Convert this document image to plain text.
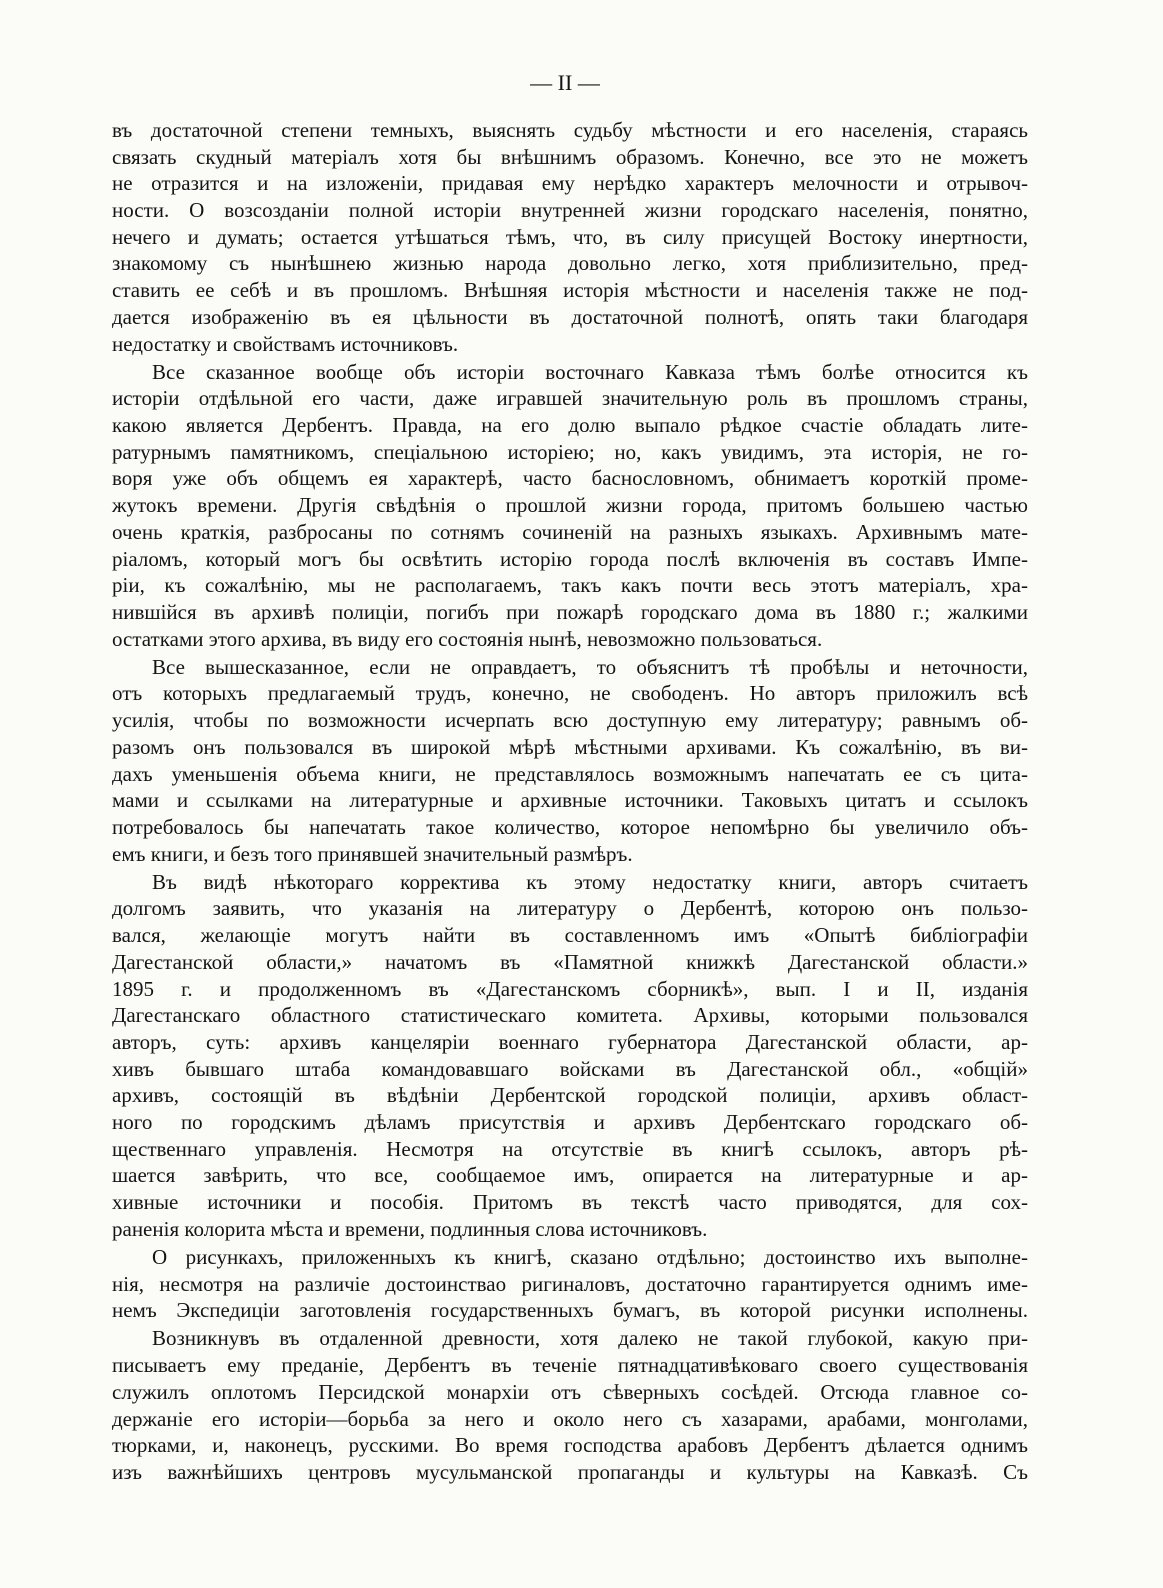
— II —
въ достаточной степени темныхъ, выяснять судьбу мѣстности и его населенія, стараясь
связать скудный матеріалъ хотя бы внѣшнимъ образомъ. Конечно, все это не можетъ
не отразится и на изложеніи, придавая ему нерѣдко характеръ мелочности и отрывоч-
ности. О возсозданіи полной исторіи внутренней жизни городскаго населенія, понятно,
нечего и думать; остается утѣшаться тѣмъ, что, въ силу присущей Востоку инертности,
знакомому съ нынѣшнею жизнью народа довольно легко, хотя приблизительно, пред-
ставить ее себѣ и въ прошломъ. Внѣшняя исторія мѣстности и населенія также не под-
дается изображенію въ ея цѣльности въ достаточной полнотѣ, опять таки благодаря
недостатку и свойствамъ источниковъ.
Все сказанное вообще объ исторіи восточнаго Кавказа тѣмъ болѣе относится къ
исторіи отдѣльной его части, даже игравшей значительную роль въ прошломъ страны,
какою является Дербентъ. Правда, на его долю выпало рѣдкое счастіе обладать лите-
ратурнымъ памятникомъ, спеціальною исторіею; но, какъ увидимъ, эта исторія, не го-
воря уже объ общемъ ея характерѣ, часто баснословномъ, обнимаетъ короткій проме-
жутокъ времени. Другія свѣдѣнія о прошлой жизни города, притомъ большею частью
очень краткія, разбросаны по сотнямъ сочиненій на разныхъ языкахъ. Архивнымъ мате-
ріаломъ, который могъ бы освѣтить исторію города послѣ включенія въ составъ Импе-
ріи, къ сожалѣнію, мы не располагаемъ, такъ какъ почти весь этотъ матеріалъ, хра-
нившійся въ архивѣ полиціи, погибъ при пожарѣ городскаго дома въ 1880 г.; жалкими
остатками этого архива, въ виду его состоянія нынѣ, невозможно пользоваться.
Все вышесказанное, если не оправдаетъ, то объяснитъ тѣ пробѣлы и неточности,
отъ которыхъ предлагаемый трудъ, конечно, не свободенъ. Но авторъ приложилъ всѣ
усилія, чтобы по возможности исчерпать всю доступную ему литературу; равнымъ об-
разомъ онъ пользовался въ широкой мѣрѣ мѣстными архивами. Къ сожалѣнію, въ ви-
дахъ уменьшенія объема книги, не представлялось возможнымъ напечатать ее съ цита-
мами и ссылками на литературные и архивные источники. Таковыхъ цитатъ и ссылокъ
потребовалось бы напечатать такое количество, которое непомѣрно бы увеличило объ-
емъ книги, и безъ того принявшей значительный размѣръ.
Въ видѣ нѣкотораго корректива къ этому недостатку книги, авторъ считаетъ
долгомъ заявить, что указанія на литературу о Дербентѣ, которою онъ пользо-
вался, желающіе могутъ найти въ составленномъ имъ «Опытѣ библіографіи
Дагестанской области,» начатомъ въ «Памятной книжкѣ Дагестанской области.»
1895 г. и продолженномъ въ «Дагестанскомъ сборникѣ», вып. I и II, изданія
Дагестанскаго областного статистическаго комитета. Архивы, которыми пользовался
авторъ, суть: архивъ канцеляріи военнаго губернатора Дагестанской области, ар-
хивъ бывшаго штаба командовавшаго войсками въ Дагестанской обл., «общій»
архивъ, состоящій въ вѣдѣніи Дербентской городской полиціи, архивъ област-
ного по городскимъ дѣламъ присутствія и архивъ Дербентскаго городскаго об-
щественнаго управленія. Несмотря на отсутствіе въ книгѣ ссылокъ, авторъ рѣ-
шается завѣрить, что все, сообщаемое имъ, опирается на литературные и ар-
хивные источники и пособія. Притомъ въ текстѣ часто приводятся, для сох-
раненія колорита мѣста и времени, подлинныя слова источниковъ.
О рисункахъ, приложенныхъ къ книгѣ, сказано отдѣльно; достоинство ихъ выполне-
нія, несмотря на различіе достоинствао ригиналовъ, достаточно гарантируется однимъ име-
немъ Экспедиціи заготовленія государственныхъ бумагъ, въ которой рисунки исполнены.
Возникнувъ въ отдаленной древности, хотя далеко не такой глубокой, какую при-
писываетъ ему преданіе, Дербентъ въ теченіе пятнадцативѣковаго своего существованія
служилъ оплотомъ Персидской монархіи отъ сѣверныхъ сосѣдей. Отсюда главное со-
держаніе его исторіи—борьба за него и около него съ хазарами, арабами, монголами,
тюрками, и, наконецъ, русскими. Во время господства арабовъ Дербентъ дѣлается однимъ
изъ важнѣйшихъ центровъ мусульманской пропаганды и культуры на Кавказѣ. Съ
